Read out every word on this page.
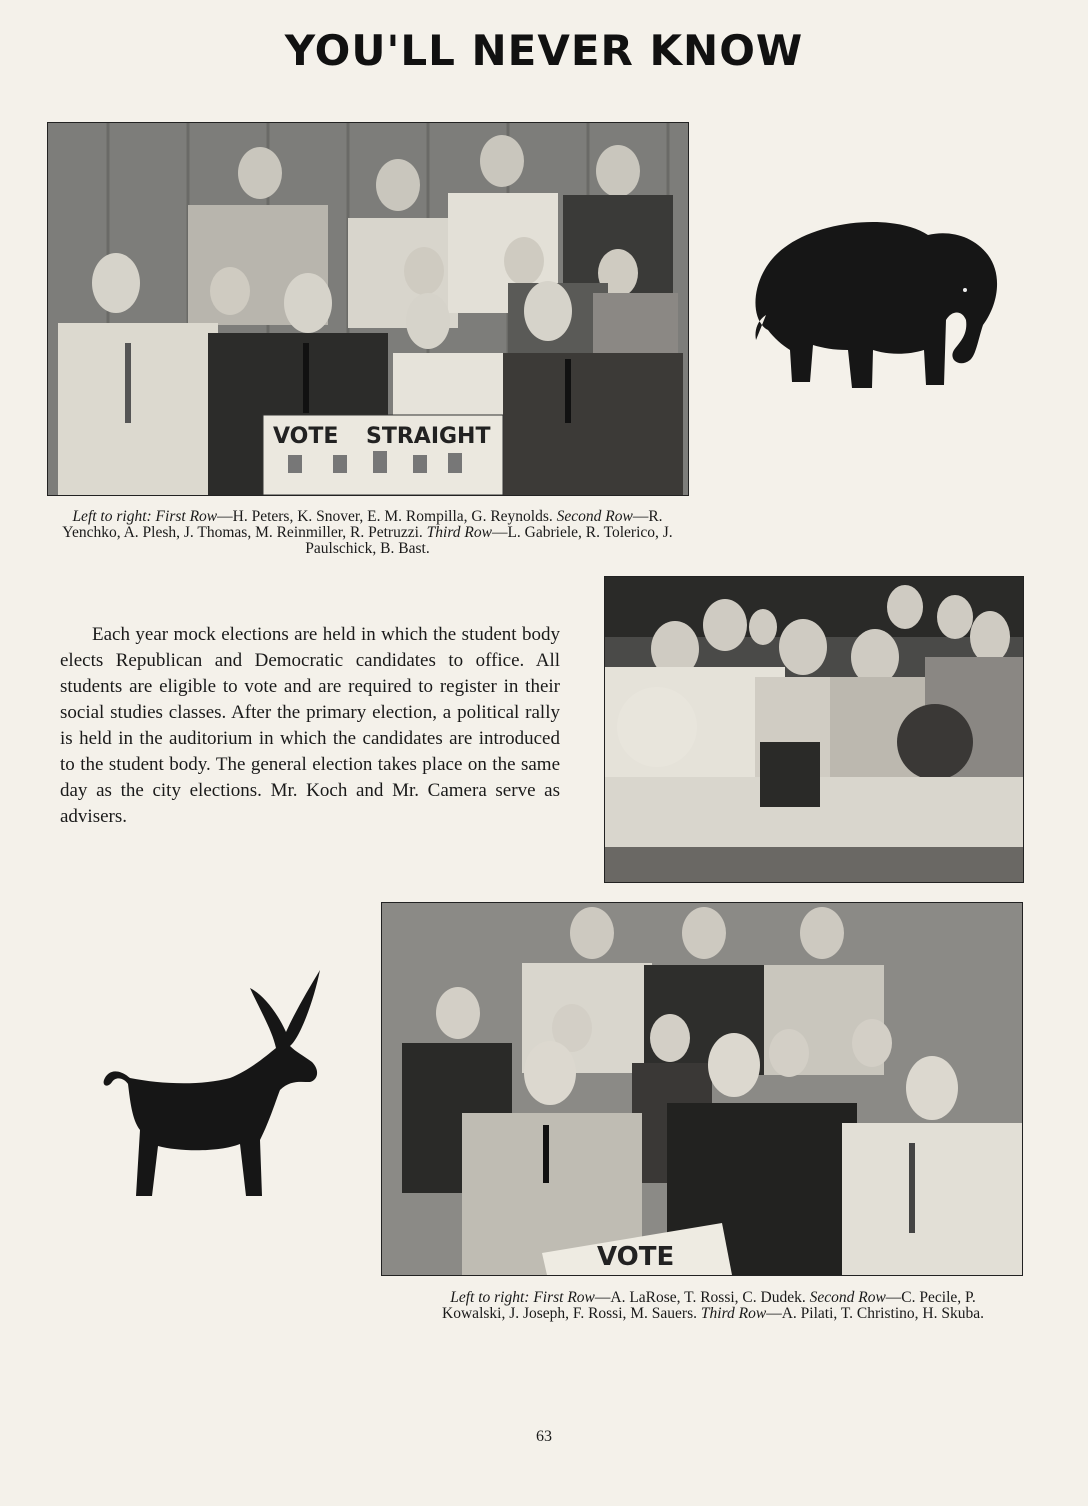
YOU'LL NEVER KNOW
VOTE STRAIGHT
Left to right: First Row—H. Peters, K. Snover, E. M. Rompilla, G. Reynolds. Second Row—R. Yenchko, A. Plesh, J. Thomas, M. Reinmiller, R. Petruzzi. Third Row—L. Gabriele, R. Tolerico, J. Paulschick, B. Bast.
Each year mock elections are held in which the student body elects Republican and Democratic candidates to office. All students are eligible to vote and are required to register in their social studies classes. After the primary election, a political rally is held in the auditorium in which the candidates are introduced to the student body. The general election takes place on the same day as the city elections. Mr. Koch and Mr. Camera serve as advisers.
VOTE
Left to right: First Row—A. LaRose, T. Rossi, C. Dudek. Second Row—C. Pecile, P. Kowalski, J. Joseph, F. Rossi, M. Sauers. Third Row—A. Pilati, T. Christino, H. Skuba.
63
